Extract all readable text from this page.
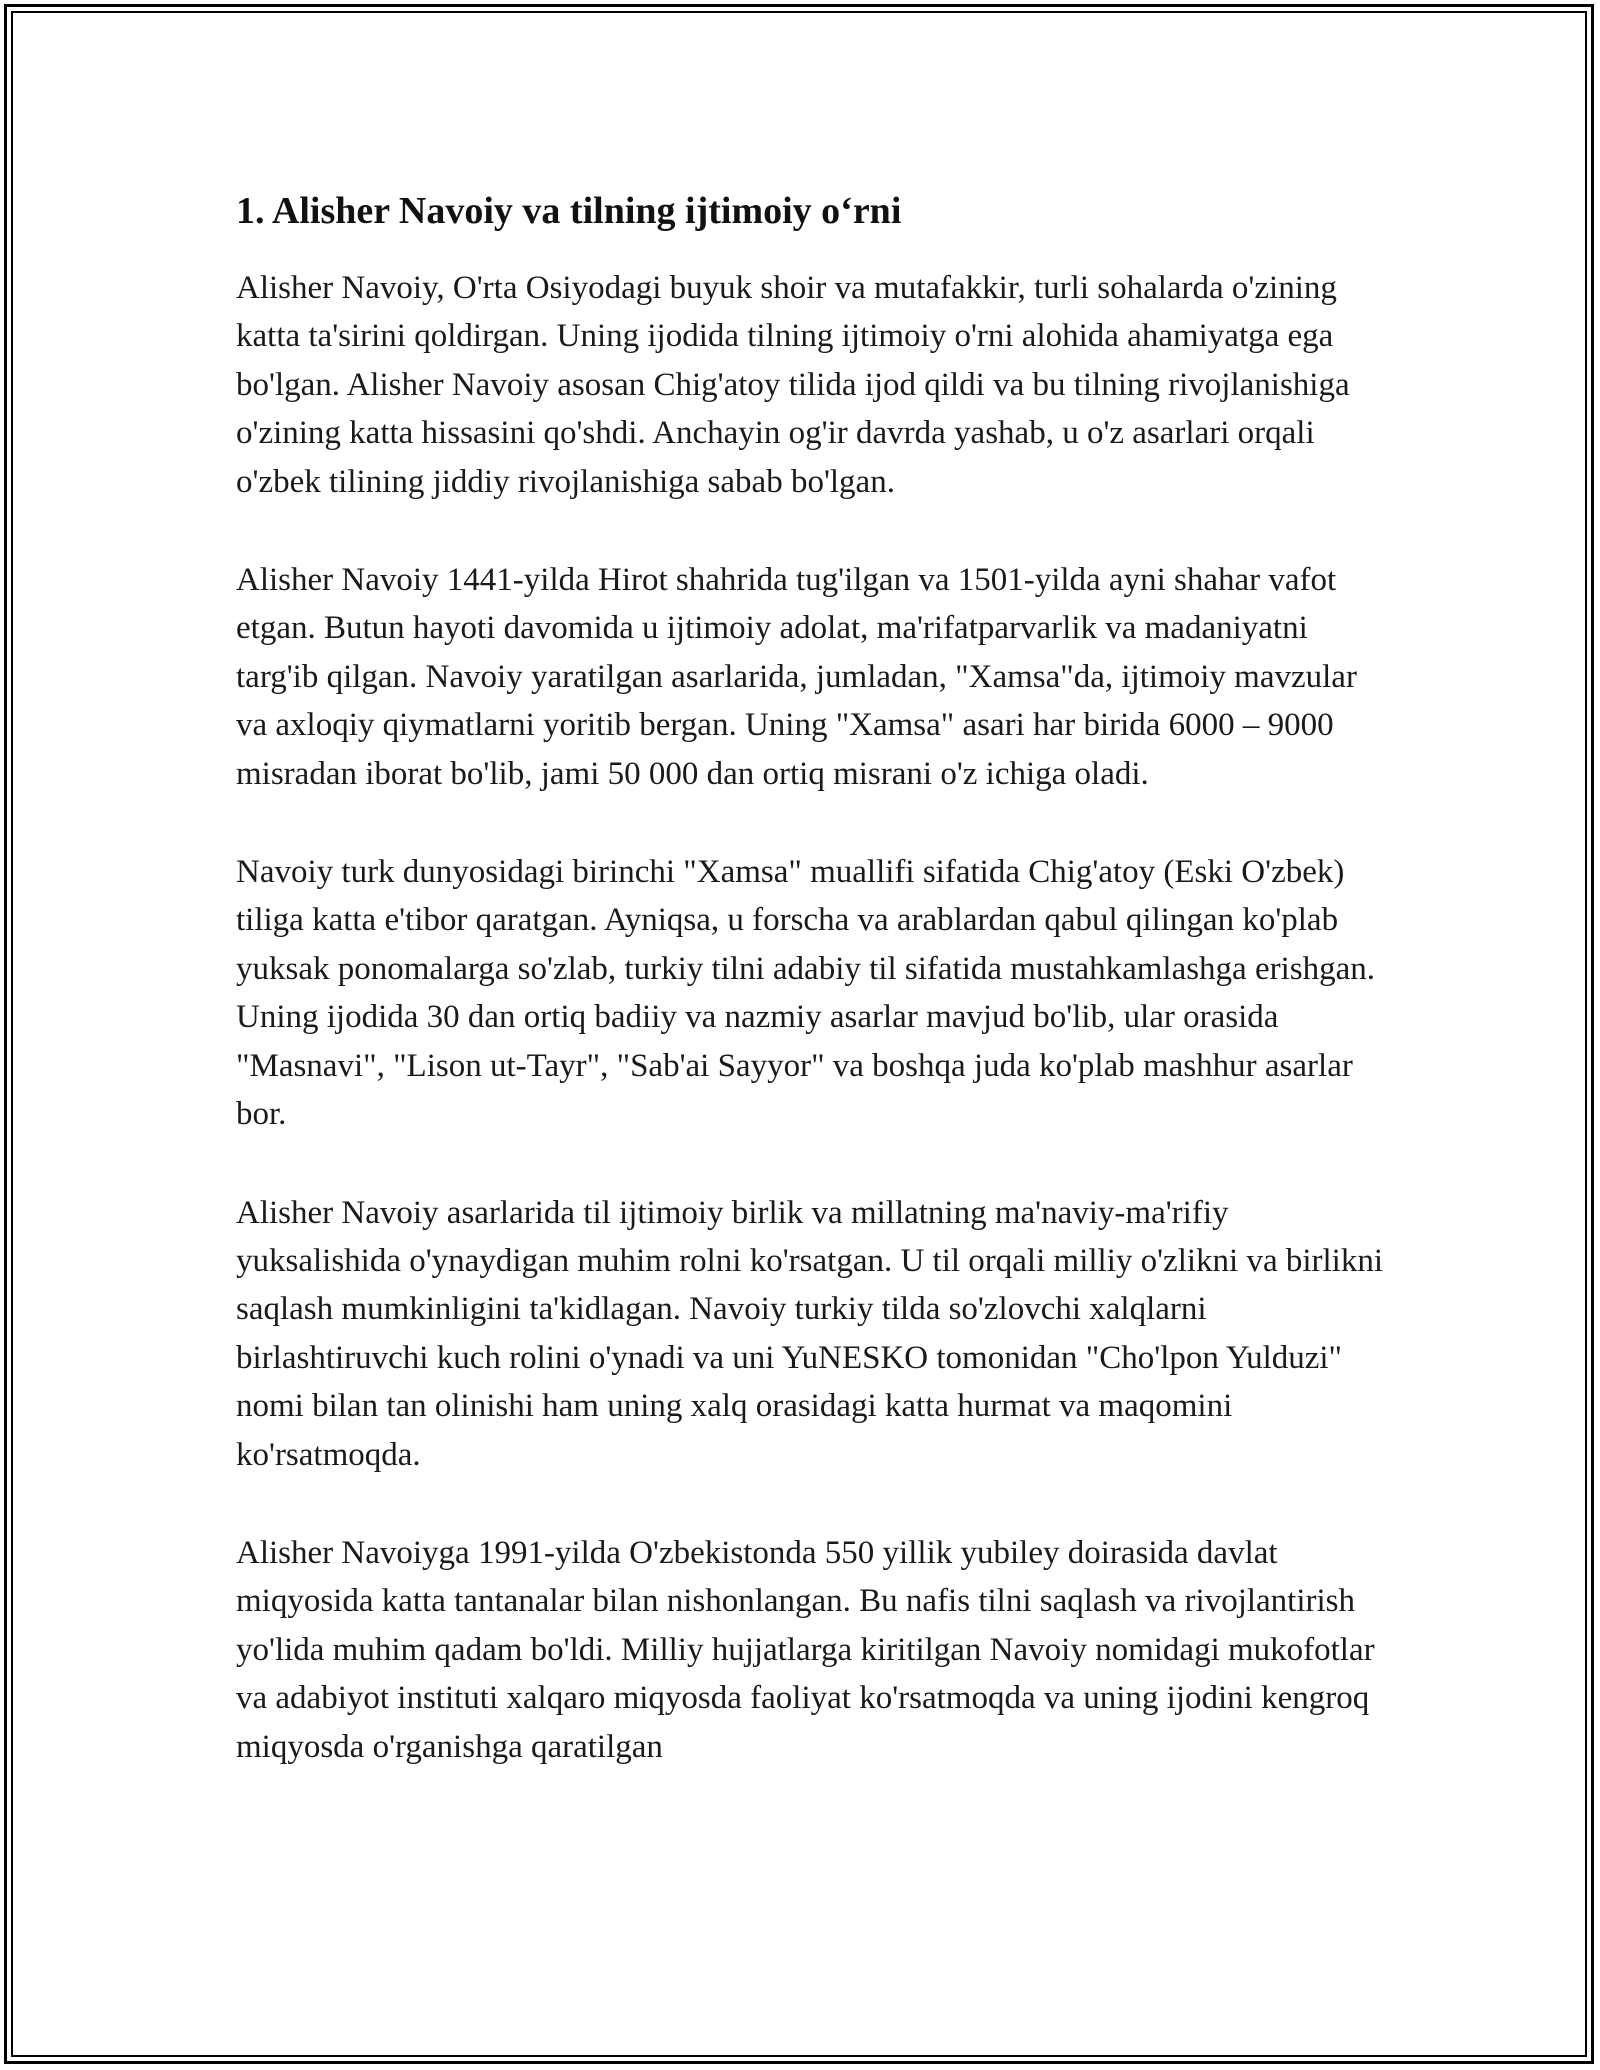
1. Alisher Navoiy va tilning ijtimoiy o‘rni

Alisher Navoiy, O'rta Osiyodagi buyuk shoir va mutafakkir, turli sohalarda o'zining katta ta'sirini qoldirgan. Uning ijodida tilning ijtimoiy o'rni alohida ahamiyatga ega bo'lgan. Alisher Navoiy asosan Chig'atoy tilida ijod qildi va bu tilning rivojlanishiga o'zining katta hissasini qo'shdi. Anchayin og'ir davrda yashab, u o'z asarlari orqali o'zbek tilining jiddiy rivojlanishiga sabab bo'lgan.

Alisher Navoiy 1441-yilda Hirot shahrida tug'ilgan va 1501-yilda ayni shahar vafot etgan. Butun hayoti davomida u ijtimoiy adolat, ma'rifatparvarlik va madaniyatni targ'ib qilgan. Navoiy yaratilgan asarlarida, jumladan, "Xamsa"da, ijtimoiy mavzular va axloqiy qiymatlarni yoritib bergan. Uning "Xamsa" asari har birida 6000 – 9000 misradan iborat bo'lib, jami 50 000 dan ortiq misrani o'z ichiga oladi.

Navoiy turk dunyosidagi birinchi "Xamsa" muallifi sifatida Chig'atoy (Eski O'zbek) tiliga katta e'tibor qaratgan. Ayniqsa, u forscha va arablardan qabul qilingan ko'plab yuksak ponomalarga so'zlab, turkiy tilni adabiy til sifatida mustahkamlashga erishgan. Uning ijodida 30 dan ortiq badiiy va nazmiy asarlar mavjud bo'lib, ular orasida "Masnavi", "Lison ut-Tayr", "Sab'ai Sayyor" va boshqa juda ko'plab mashhur asarlar bor.

Alisher Navoiy asarlarida til ijtimoiy birlik va millatning ma'naviy-ma'rifiy yuksalishida o'ynaydigan muhim rolni ko'rsatgan. U til orqali milliy o'zlikni va birlikni saqlash mumkinligini ta'kidlagan. Navoiy turkiy tilda so'zlovchi xalqlarni birlashtiruvchi kuch rolini o'ynadi va uni YuNESKO tomonidan "Cho'lpon Yulduzi" nomi bilan tan olinishi ham uning xalq orasidagi katta hurmat va maqomini ko'rsatmoqda.

Alisher Navoiyga 1991-yilda O'zbekistonda 550 yillik yubiley doirasida davlat miqyosida katta tantanalar bilan nishonlangan. Bu nafis tilni saqlash va rivojlantirish yo'lida muhim qadam bo'ldi. Milliy hujjatlarga kiritilgan Navoiy nomidagi mukofotlar va adabiyot instituti xalqaro miqyosda faoliyat ko'rsatmoqda va uning ijodini kengroq miqyosda o'rganishga qaratilgan
